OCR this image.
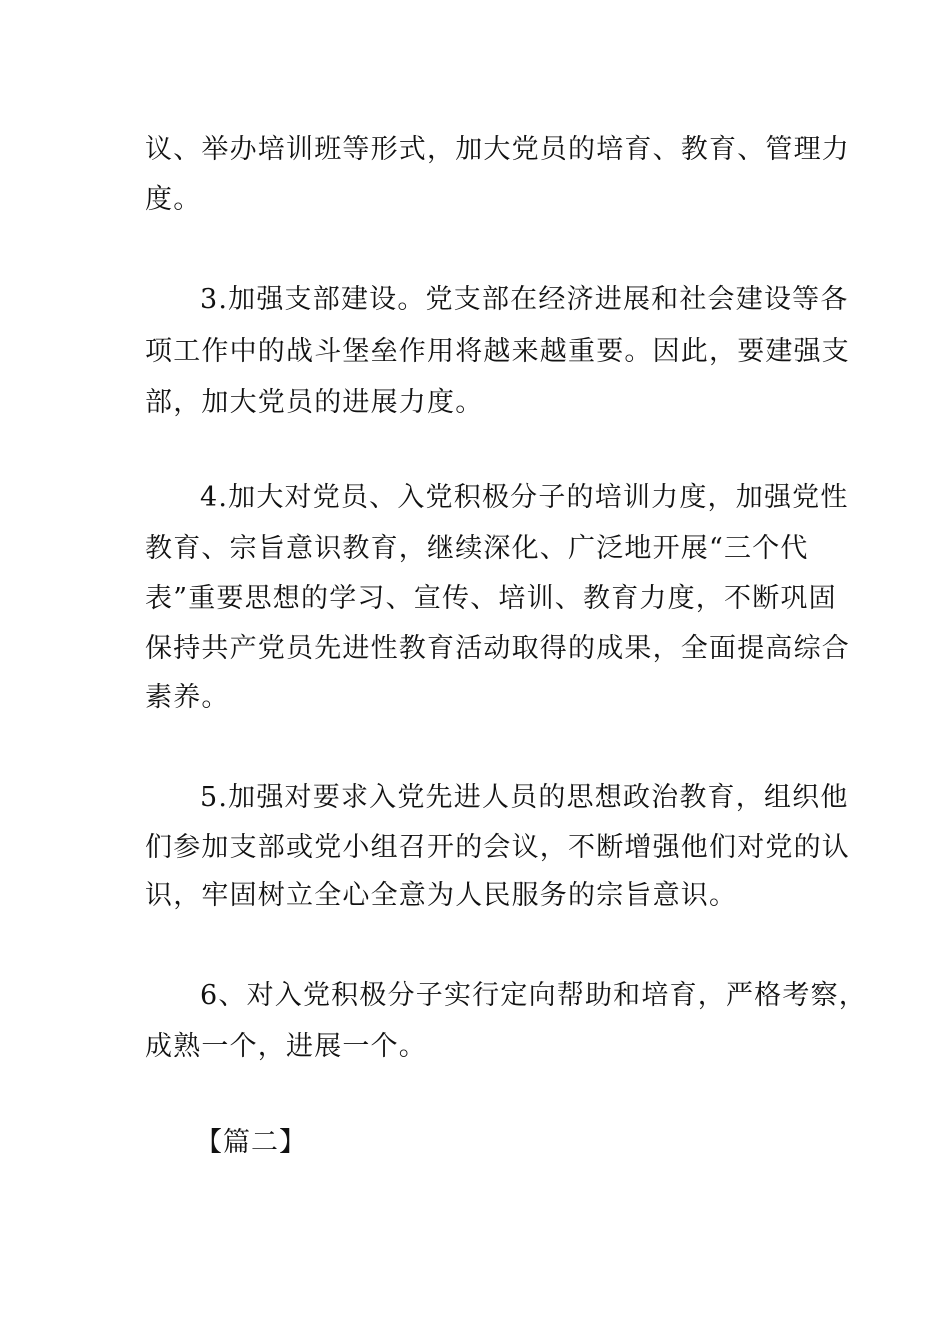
议、举办培训班等形式，加大党员的培育、教育、管理力
度。
3.加强支部建设。党支部在经济进展和社会建设等各
项工作中的战斗堡垒作用将越来越重要。因此，要建强支
部，加大党员的进展力度。
4.加大对党员、入党积极分子的培训力度，加强党性
教育、宗旨意识教育，继续深化、广泛地开展“三个代
表”重要思想的学习、宣传、培训、教育力度，不断巩固
保持共产党员先进性教育活动取得的成果，全面提高综合
素养。
5.加强对要求入党先进人员的思想政治教育，组织他
们参加支部或党小组召开的会议，不断增强他们对党的认
识，牢固树立全心全意为人民服务的宗旨意识。
6、对入党积极分子实行定向帮助和培育，严格考察，
成熟一个，进展一个。
【篇二】
